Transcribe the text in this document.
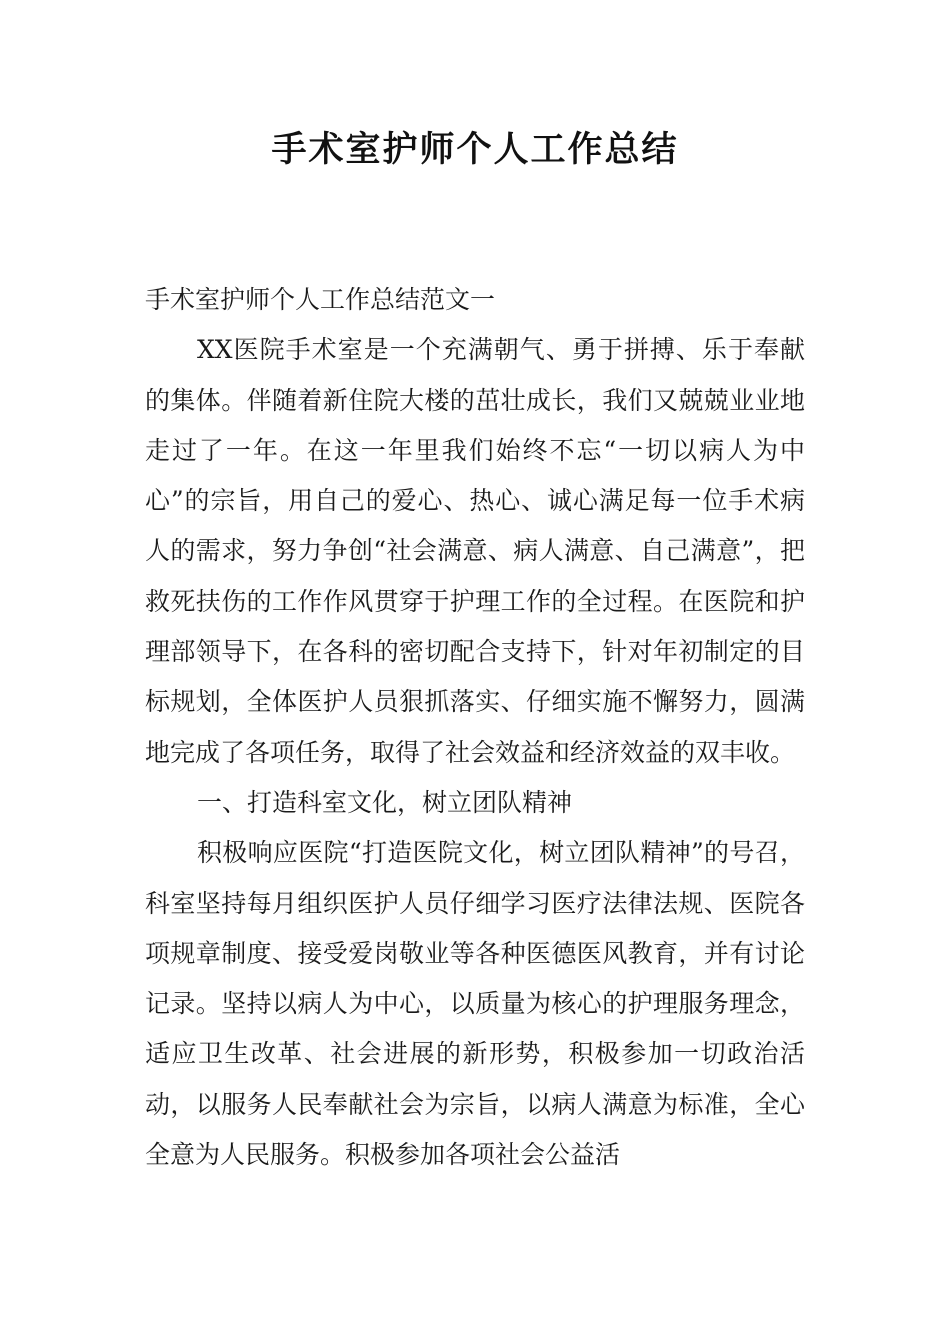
手术室护师个人工作总结

手术室护师个人工作总结范文一

XX医院手术室是一个充满朝气、勇于拼搏、乐于奉献的集体。伴随着新住院大楼的茁壮成长，我们又兢兢业业地走过了一年。在这一年里我们始终不忘“一切以病人为中心”的宗旨，用自己的爱心、热心、诚心满足每一位手术病人的需求，努力争创“社会满意、病人满意、自己满意”，把救死扶伤的工作作风贯穿于护理工作的全过程。在医院和护理部领导下，在各科的密切配合支持下，针对年初制定的目标规划，全体医护人员狠抓落实、仔细实施不懈努力，圆满地完成了各项任务，取得了社会效益和经济效益的双丰收。

一、打造科室文化，树立团队精神

积极响应医院“打造医院文化，树立团队精神”的号召，科室坚持每月组织医护人员仔细学习医疗法律法规、医院各项规章制度、接受爱岗敬业等各种医德医风教育，并有讨论记录。坚持以病人为中心，以质量为核心的护理服务理念，适应卫生改革、社会进展的新形势，积极参加一切政治活动，以服务人民奉献社会为宗旨，以病人满意为标准，全心全意为人民服务。积极参加各项社会公益活
